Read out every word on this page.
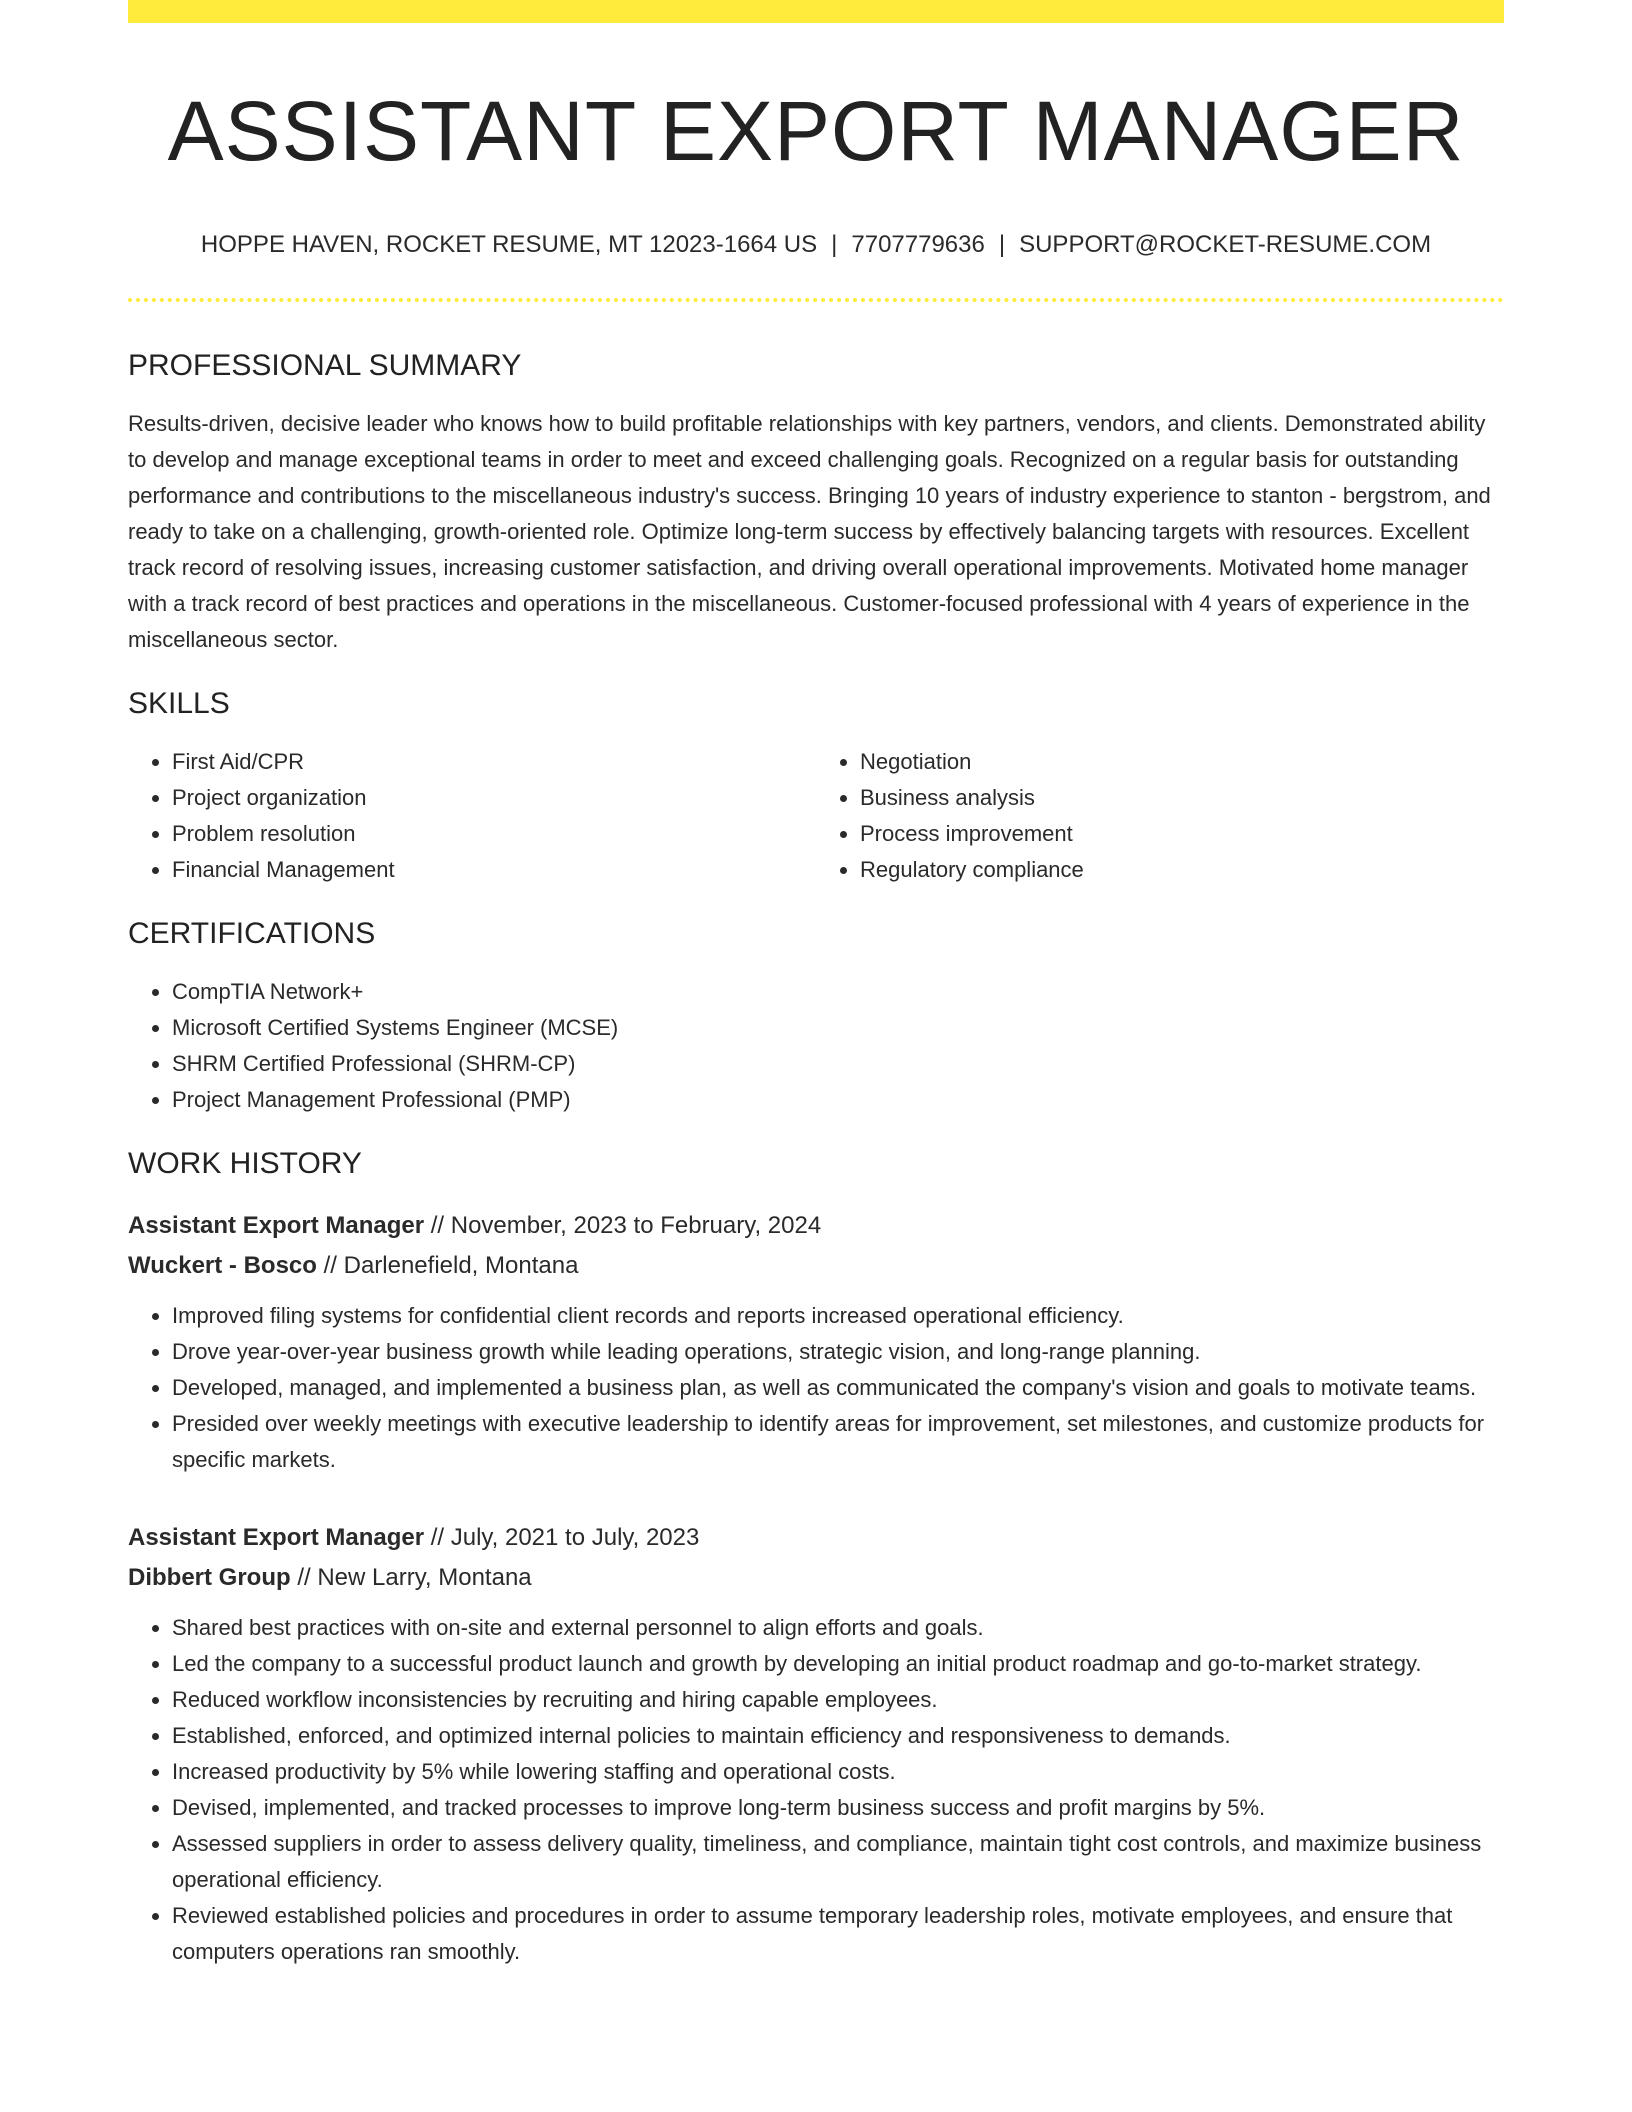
ASSISTANT EXPORT MANAGER
HOPPE HAVEN, ROCKET RESUME, MT 12023-1664 US | 7707779636 | SUPPORT@ROCKET-RESUME.COM
PROFESSIONAL SUMMARY

Results-driven, decisive leader who knows how to build profitable relationships with key partners, vendors, and clients. Demonstrated ability to develop and manage exceptional teams in order to meet and exceed challenging goals. Recognized on a regular basis for outstanding performance and contributions to the miscellaneous industry's success. Bringing 10 years of industry experience to stanton - bergstrom, and ready to take on a challenging, growth-oriented role. Optimize long-term success by effectively balancing targets with resources. Excellent track record of resolving issues, increasing customer satisfaction, and driving overall operational improvements. Motivated home manager with a track record of best practices and operations in the miscellaneous. Customer-focused professional with 4 years of experience in the miscellaneous sector.

SKILLS
• First Aid/CPR
• Project organization
• Problem resolution
• Financial Management
• Negotiation
• Business analysis
• Process improvement
• Regulatory compliance
CERTIFICATIONS
• CompTIA Network+
• Microsoft Certified Systems Engineer (MCSE)
• SHRM Certified Professional (SHRM-CP)
• Project Management Professional (PMP)
WORK HISTORY
Assistant Export Manager // November, 2023 to February, 2024
Wuckert - Bosco // Darlenefield, Montana
• Improved filing systems for confidential client records and reports increased operational efficiency.
• Drove year-over-year business growth while leading operations, strategic vision, and long-range planning.
• Developed, managed, and implemented a business plan, as well as communicated the company's vision and goals to motivate teams.
• Presided over weekly meetings with executive leadership to identify areas for improvement, set milestones, and customize products for specific markets.
Assistant Export Manager // July, 2021 to July, 2023
Dibbert Group // New Larry, Montana
• Shared best practices with on-site and external personnel to align efforts and goals.
• Led the company to a successful product launch and growth by developing an initial product roadmap and go-to-market strategy.
• Reduced workflow inconsistencies by recruiting and hiring capable employees.
• Established, enforced, and optimized internal policies to maintain efficiency and responsiveness to demands.
• Increased productivity by 5% while lowering staffing and operational costs.
• Devised, implemented, and tracked processes to improve long-term business success and profit margins by 5%.
• Assessed suppliers in order to assess delivery quality, timeliness, and compliance, maintain tight cost controls, and maximize business operational efficiency.
• Reviewed established policies and procedures in order to assume temporary leadership roles, motivate employees, and ensure that computers operations ran smoothly.
